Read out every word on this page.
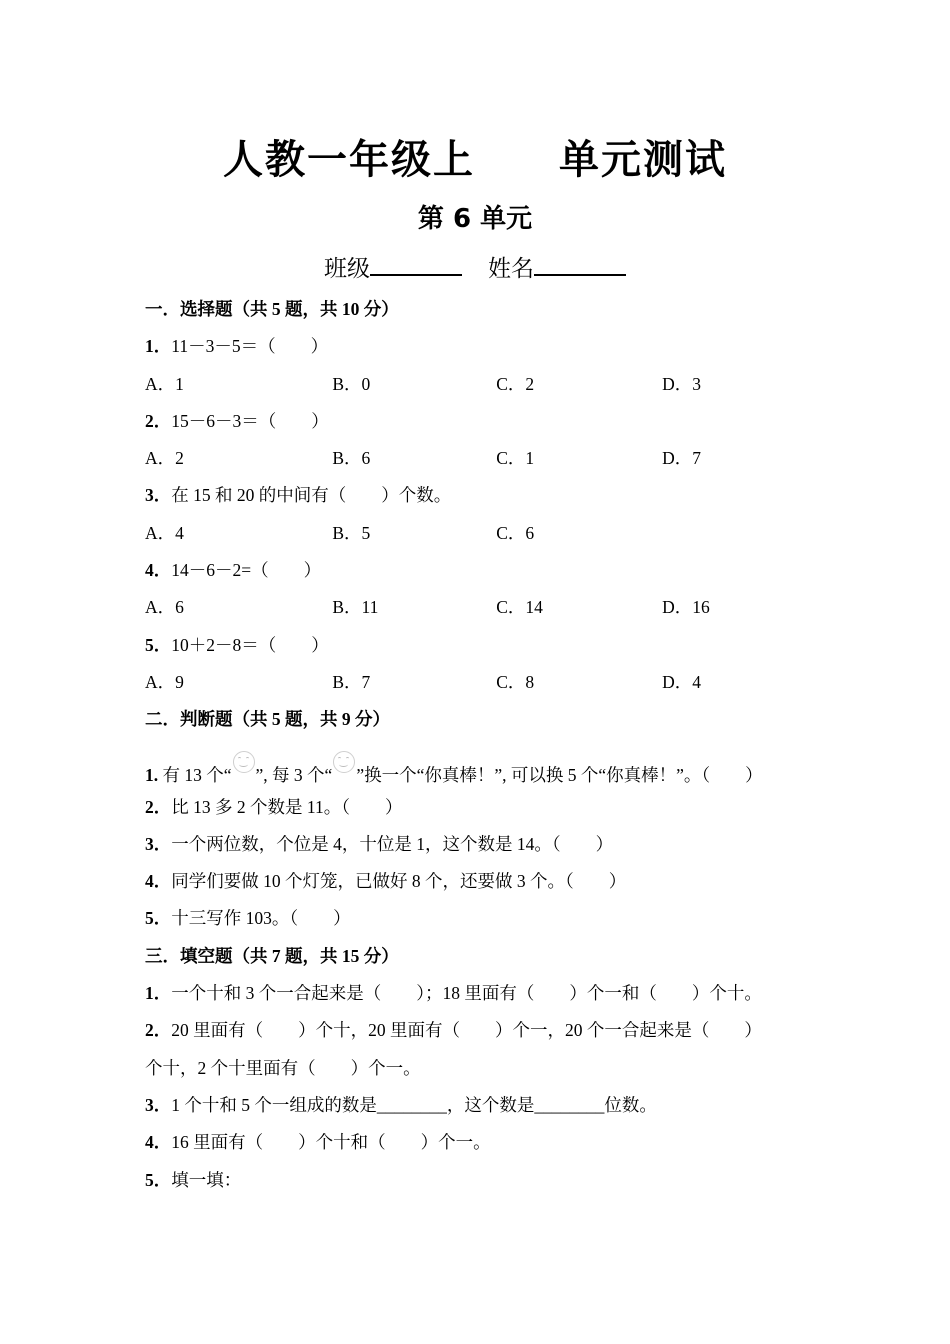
人教一年级上　　单元测试
第 6 单元
班级	姓名
一．选择题（共 5 题，共 10 分）
1．11－3－5＝（　　）
A．1	B．0	C．2	D．3
2．15－6－3＝（　　）
A．2	B．6	C．1	D．7
3．在 15 和 20 的中间有（　　）个数。
A．4	B．5	C．6
4．14－6－2=（　　）
A．6	B．11	C．14	D．16
5．10＋2－8＝（　　）
A．9	B．7	C．8	D．4
二．判断题（共 5 题，共 9 分）
1. 有 13 个“ ”, 每 3 个“ ”换一个“你真棒！”, 可以换 5 个“你真棒！”。（　　）
2．比 13 多 2 个数是 11。（　　）
3．一个两位数，个位是 4，十位是 1，这个数是 14。（　　）
4．同学们要做 10 个灯笼，已做好 8 个，还要做 3 个。（　　）
5．十三写作 103。（　　）
三．填空题（共 7 题，共 15 分）
1．一个十和 3 个一合起来是（　　）；18 里面有（　　）个一和（　　）个十。
2．20 里面有（　　）个十，20 里面有（　　）个一，20 个一合起来是（　　）
个十，2 个十里面有（　　）个一。
3．1 个十和 5 个一组成的数是________，这个数是________位数。
4．16 里面有（　　）个十和（　　）个一。
5．填一填：
